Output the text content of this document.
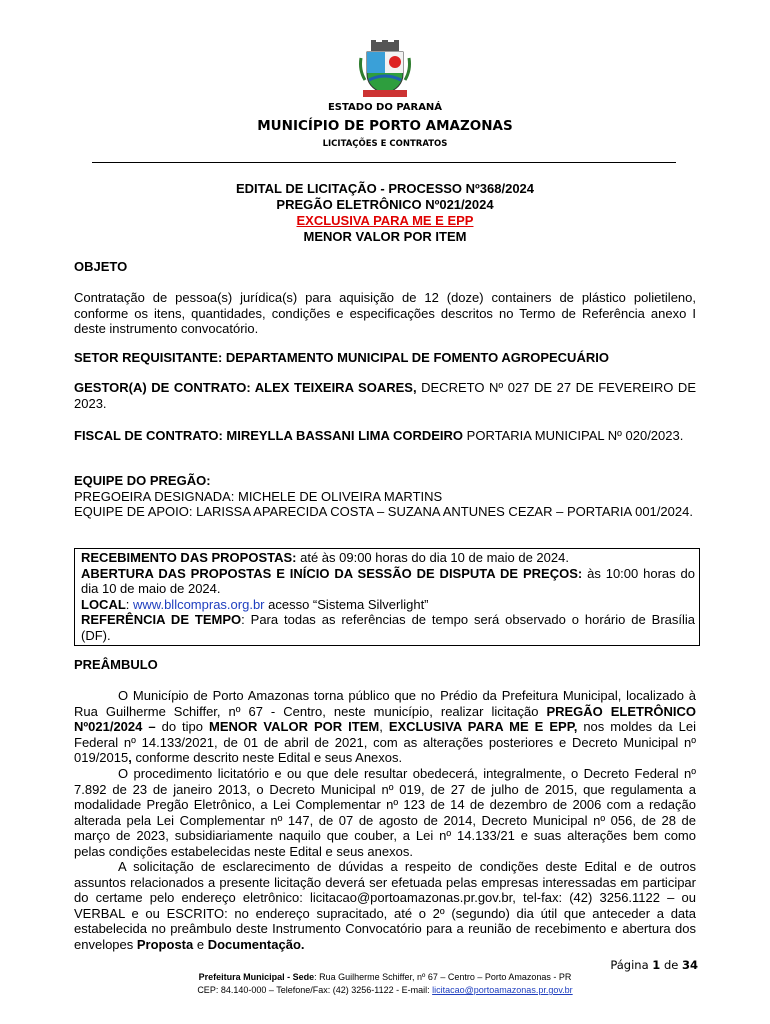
ESTADO DO PARANÁ
MUNICÍPIO DE PORTO AMAZONAS
LICITAÇÕES E CONTRATOS
EDITAL DE LICITAÇÃO - PROCESSO Nº368/2024
PREGÃO ELETRÔNICO Nº021/2024
EXCLUSIVA PARA ME E EPP
MENOR VALOR POR ITEM
OBJETO
Contratação de pessoa(s) jurídica(s) para aquisição de 12 (doze) containers de plástico polietileno, conforme os itens, quantidades, condições e especificações descritos no Termo de Referência anexo I deste instrumento convocatório.
SETOR REQUISITANTE: DEPARTAMENTO MUNICIPAL DE FOMENTO AGROPECUÁRIO
GESTOR(A) DE CONTRATO: ALEX TEIXEIRA SOARES, DECRETO Nº 027 DE 27 DE FEVEREIRO DE 2023.
FISCAL DE CONTRATO: MIREYLLA BASSANI LIMA CORDEIRO PORTARIA MUNICIPAL Nº 020/2023.
EQUIPE DO PREGÃO:
PREGOEIRA DESIGNADA: MICHELE DE OLIVEIRA MARTINS
EQUIPE DE APOIO: LARISSA APARECIDA COSTA – SUZANA ANTUNES CEZAR – PORTARIA 001/2024.
RECEBIMENTO DAS PROPOSTAS: até às 09:00 horas do dia 10 de maio de 2024.
ABERTURA DAS PROPOSTAS E INÍCIO DA SESSÃO DE DISPUTA DE PREÇOS: às 10:00 horas do dia 10 de maio de 2024.
LOCAL: www.bllcompras.org.br acesso “Sistema Silverlight”
REFERÊNCIA DE TEMPO: Para todas as referências de tempo será observado o horário de Brasília (DF).
PREÂMBULO
O Município de Porto Amazonas torna público que no Prédio da Prefeitura Municipal, localizado à Rua Guilherme Schiffer, nº 67 - Centro, neste município, realizar licitação PREGÃO ELETRÔNICO Nº021/2024 – do tipo MENOR VALOR POR ITEM, EXCLUSIVA PARA ME E EPP, nos moldes da Lei Federal nº 14.133/2021, de 01 de abril de 2021, com as alterações posteriores e Decreto Municipal nº 019/2015, conforme descrito neste Edital e seus Anexos.
O procedimento licitatório e ou que dele resultar obedecerá, integralmente, o Decreto Federal nº 7.892 de 23 de janeiro 2013, o Decreto Municipal nº 019, de 27 de julho de 2015, que regulamenta a modalidade Pregão Eletrônico, a Lei Complementar nº 123 de 14 de dezembro de 2006 com a redação alterada pela Lei Complementar nº 147, de 07 de agosto de 2014, Decreto Municipal nº 056, de 28 de março de 2023, subsidiariamente naquilo que couber, a Lei nº 14.133/21 e suas alterações bem como pelas condições estabelecidas neste Edital e seus anexos.
A solicitação de esclarecimento de dúvidas a respeito de condições deste Edital e de outros assuntos relacionados a presente licitação deverá ser efetuada pelas empresas interessadas em participar do certame pelo endereço eletrônico: licitacao@portoamazonas.pr.gov.br, tel-fax: (42) 3256.1122 – ou VERBAL e ou ESCRITO: no endereço supracitado, até o 2º (segundo) dia útil que anteceder a data estabelecida no preâmbulo deste Instrumento Convocatório para a reunião de recebimento e abertura dos envelopes Proposta e Documentação.
Página 1 de 34
Prefeitura Municipal - Sede: Rua Guilherme Schiffer, nº 67 – Centro – Porto Amazonas - PR
CEP: 84.140-000 – Telefone/Fax: (42) 3256-1122 - E-mail: licitacao@portoamazonas.pr.gov.br
